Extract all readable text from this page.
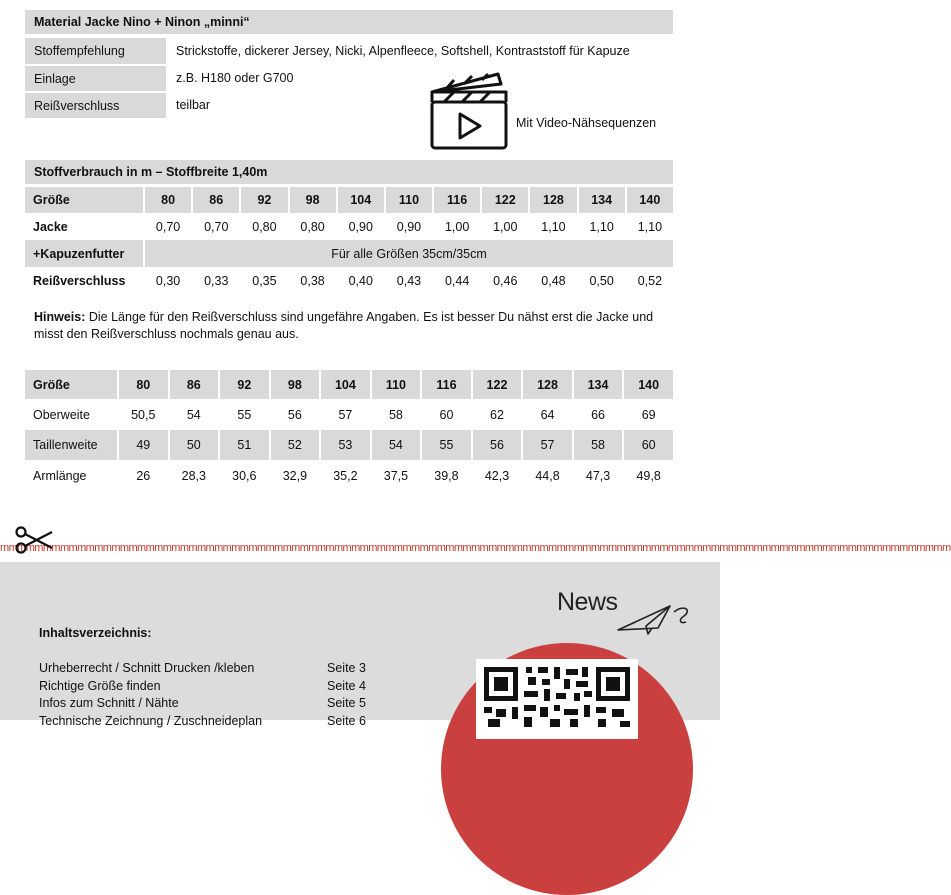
Material Jacke Nino + Ninon „minni“
Stoffempfehlung	Strickstoffe, dickerer Jersey, Nicki, Alpenfleece, Softshell, Kontraststoff für Kapuze
Einlage	z.B. H180 oder G700
Reißverschluss	teilbar
Mit Video-Nähsequenzen
Stoffverbrauch in m – Stoffbreite 1,40m
Größe	80	86	92	98	104	110	116	122	128	134	140
Jacke	0,70	0,70	0,80	0,80	0,90	0,90	1,00	1,00	1,10	1,10	1,10
+Kapuzenfutter	Für alle Größen 35cm/35cm										
Reißverschluss	0,30	0,33	0,35	0,38	0,40	0,43	0,44	0,46	0,48	0,50	0,52
Hinweis: Die Länge für den Reißverschluss sind ungefähre Angaben. Es ist besser Du nähst erst die Jacke und misst den Reißverschluss nochmals genau aus.
Größe	80	86	92	98	104	110	116	122	128	134	140
Oberweite	50,5	54	55	56	57	58	60	62	64	66	69
Taillenweite	49	50	51	52	53	54	55	56	57	58	60
Armlänge	26	28,3	30,6	32,9	35,2	37,5	39,8	42,3	44,8	47,3	49,8
mmmmmmmmmmmmmmmmmmmmmmmmmmmmmmmmmmmmmmmmmmmmmmmmmmmmmmmmmmmmmmmmmmmmmmmmmmmmmmmmmmmmmmmmmmmmmmmmmmmmmmmmmmmmmmm
Inhaltsverzeichnis:
Urheberrecht / Schnitt Drucken /kleben	Seite 3
Richtige Größe finden	Seite 4
Infos zum Schnitt / Nähte	Seite 5
Technische Zeichnung / Zuschneideplan	Seite 6
News
